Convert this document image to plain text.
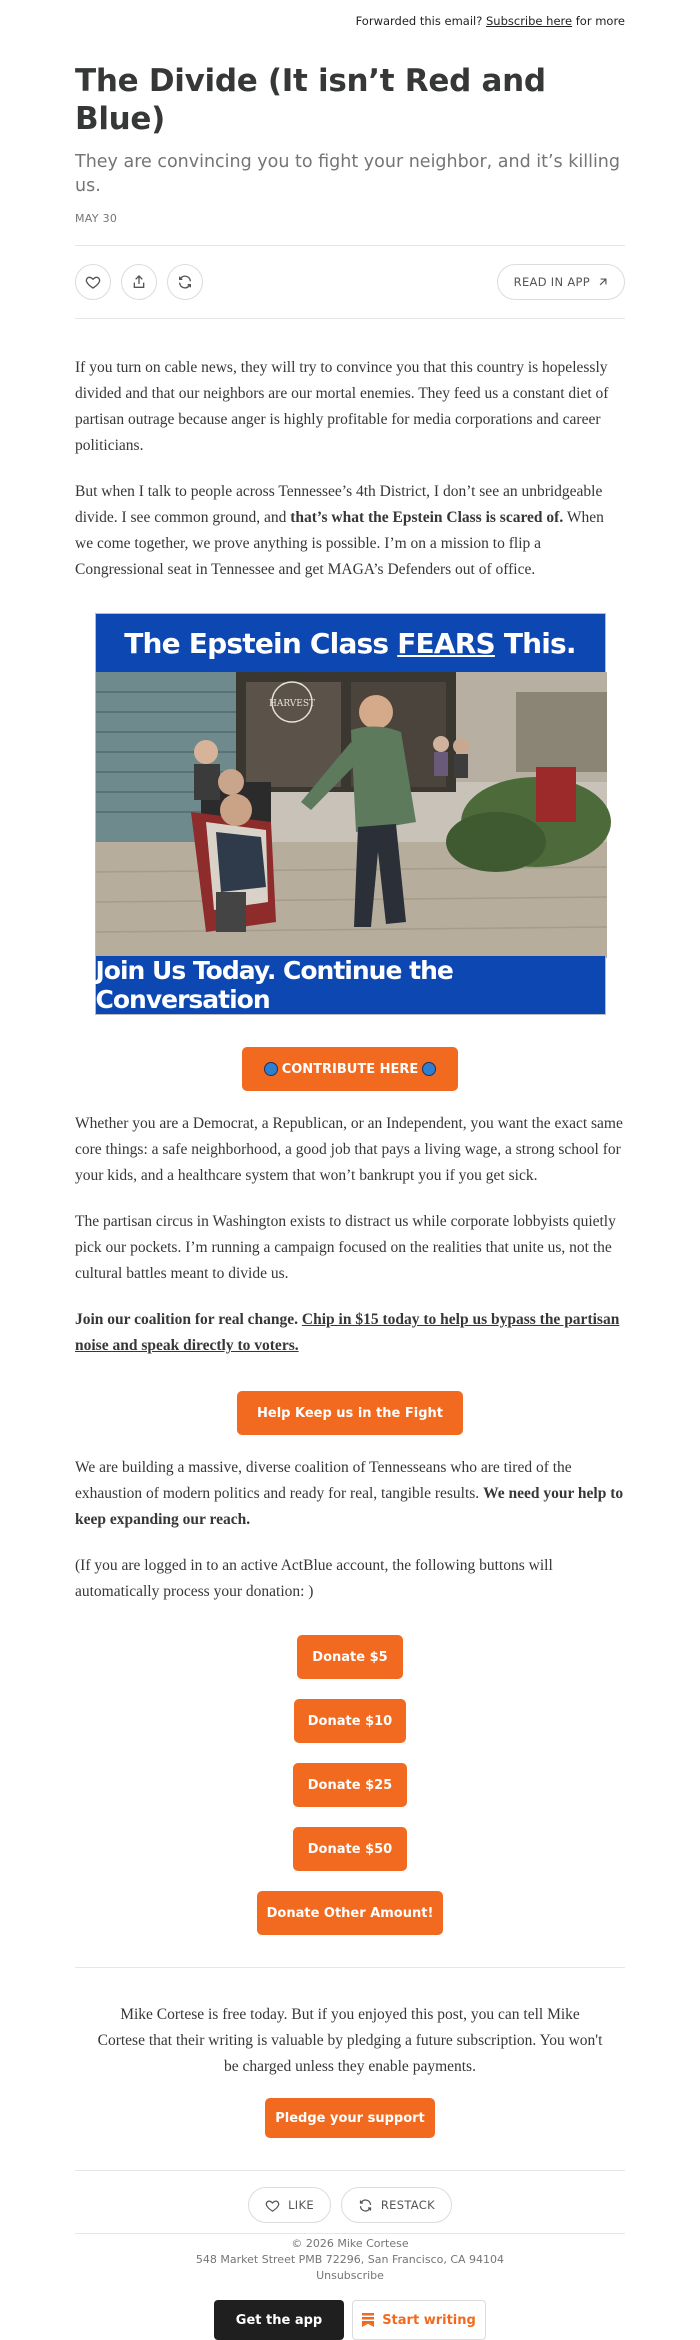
Forwarded this email? Subscribe here for more
The Divide (It isn’t Red and Blue)
They are convincing you to fight your neighbor, and it’s killing us.
MAY 30
READ IN APP

If you turn on cable news, they will try to convince you that this country is hopelessly divided and that our neighbors are our mortal enemies. They feed us a constant diet of partisan outrage because anger is highly profitable for media corporations and career politicians.

But when I talk to people across Tennessee’s 4th District, I don’t see an unbridgeable divide. I see common ground, and that’s what the Epstein Class is scared of. When we come together, we prove anything is possible. I’m on a mission to flip a Congressional seat in Tennessee and get MAGA’s Defenders out of office.

The Epstein Class FEARS This.
HARVEST
Join Us Today. Continue the Conversation
CONTRIBUTE HERE

Whether you are a Democrat, a Republican, or an Independent, you want the exact same core things: a safe neighborhood, a good job that pays a living wage, a strong school for your kids, and a healthcare system that won’t bankrupt you if you get sick.

The partisan circus in Washington exists to distract us while corporate lobbyists quietly pick our pockets. I’m running a campaign focused on the realities that unite us, not the cultural battles meant to divide us.

Join our coalition for real change. Chip in $15 today to help us bypass the partisan noise and speak directly to voters.

Help Keep us in the Fight

We are building a massive, diverse coalition of Tennesseans who are tired of the exhaustion of modern politics and ready for real, tangible results. We need your help to keep expanding our reach.

(If you are logged in to an active ActBlue account, the following buttons will automatically process your donation: )

Donate $5
Donate $10
Donate $25
Donate $50
Donate Other Amount!

Mike Cortese is free today. But if you enjoyed this post, you can tell Mike Cortese that their writing is valuable by pledging a future subscription. You won't be charged unless they enable payments.

Pledge your support
LIKE	RESTACK
© 2026 Mike Cortese
548 Market Street PMB 72296, San Francisco, CA 94104
Unsubscribe
Get the app	Start writing
